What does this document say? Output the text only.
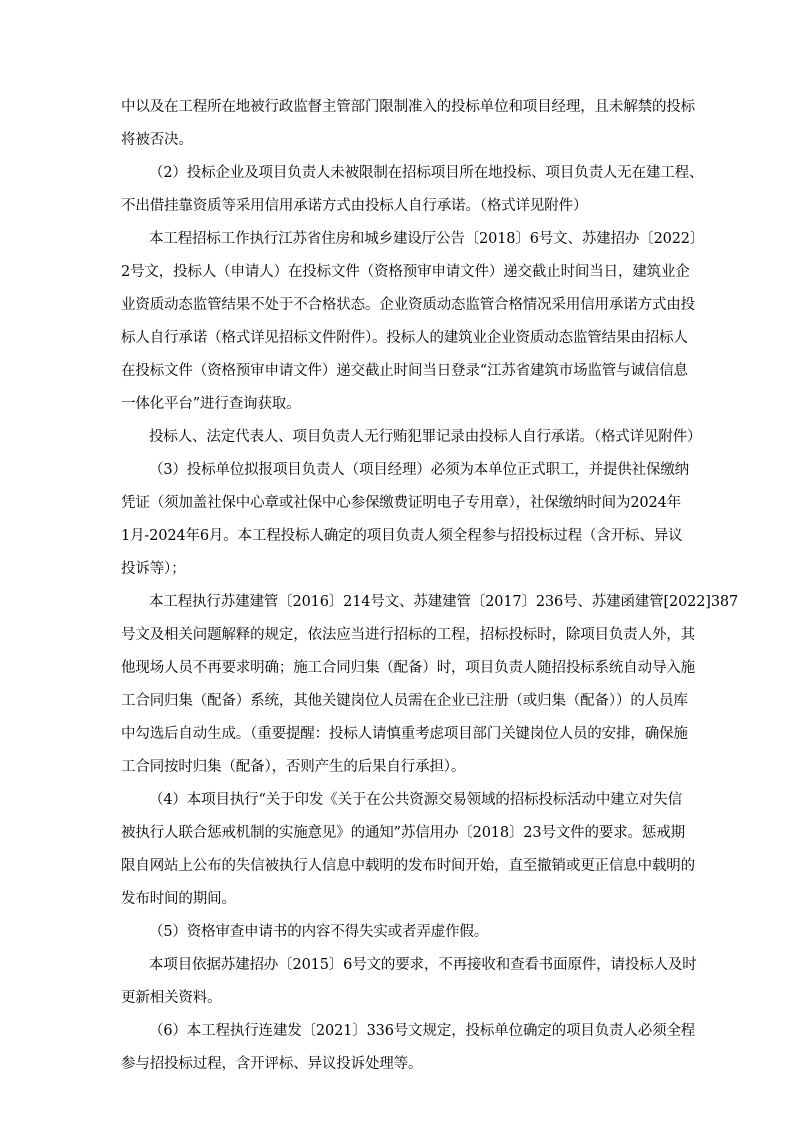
中以及在工程所在地被行政监督主管部门限制准入的投标单位和项目经理，且未解禁的投标
将被否决。
（2）投标企业及项目负责人未被限制在招标项目所在地投标、项目负责人无在建工程、
不出借挂靠资质等采用信用承诺方式由投标人自行承诺。（格式详见附件）
本工程招标工作执行江苏省住房和城乡建设厅公告〔2018〕6号文、苏建招办〔2022〕
2号文，投标人（申请人）在投标文件（资格预审申请文件）递交截止时间当日，建筑业企
业资质动态监管结果不处于不合格状态。企业资质动态监管合格情况采用信用承诺方式由投
标人自行承诺（格式详见招标文件附件）。投标人的建筑业企业资质动态监管结果由招标人
在投标文件（资格预审申请文件）递交截止时间当日登录“江苏省建筑市场监管与诚信信息
一体化平台”进行查询获取。
投标人、法定代表人、项目负责人无行贿犯罪记录由投标人自行承诺。（格式详见附件）
（3）投标单位拟报项目负责人（项目经理）必须为本单位正式职工，并提供社保缴纳
凭证（须加盖社保中心章或社保中心参保缴费证明电子专用章），社保缴纳时间为2024年
1月-2024年6月。本工程投标人确定的项目负责人须全程参与招投标过程（含开标、异议
投诉等）；
本工程执行苏建建管〔2016〕214号文、苏建建管〔2017〕236号、苏建函建管[2022]387
号文及相关问题解释的规定，依法应当进行招标的工程，招标投标时，除项目负责人外，其
他现场人员不再要求明确；施工合同归集（配备）时，项目负责人随招投标系统自动导入施
工合同归集（配备）系统，其他关键岗位人员需在企业已注册（或归集（配备））的人员库
中勾选后自动生成。（重要提醒：投标人请慎重考虑项目部门关键岗位人员的安排，确保施
工合同按时归集（配备），否则产生的后果自行承担）。
（4）本项目执行“关于印发《关于在公共资源交易领域的招标投标活动中建立对失信
被执行人联合惩戒机制的实施意见》的通知”苏信用办〔2018〕23号文件的要求。惩戒期
限自网站上公布的失信被执行人信息中载明的发布时间开始，直至撤销或更正信息中载明的
发布时间的期间。
（5）资格审查申请书的内容不得失实或者弄虚作假。
本项目依据苏建招办〔2015〕6号文的要求，不再接收和查看书面原件，请投标人及时
更新相关资料。
（6）本工程执行连建发〔2021〕336号文规定，投标单位确定的项目负责人必须全程
参与招投标过程，含开评标、异议投诉处理等。
